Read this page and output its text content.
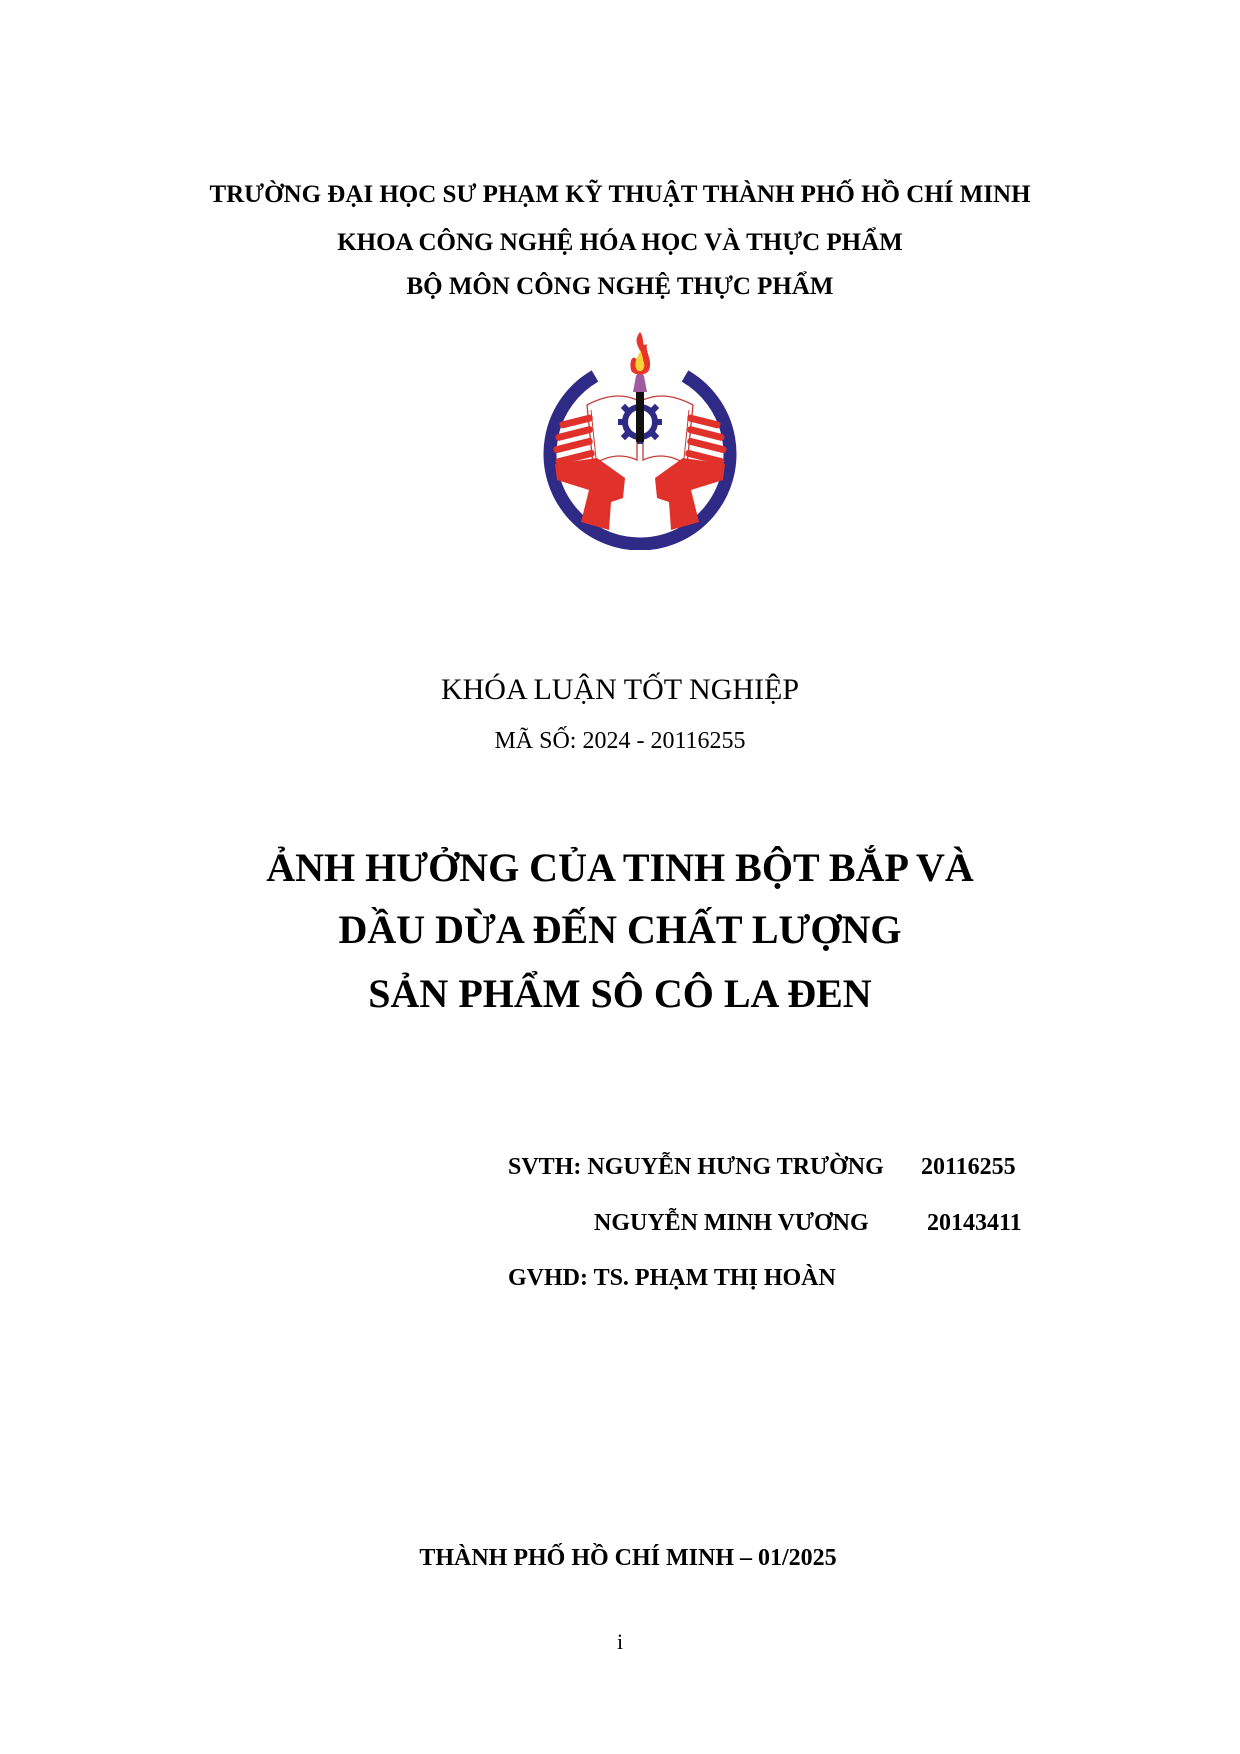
TRƯỜNG ĐẠI HỌC SƯ PHẠM KỸ THUẬT THÀNH PHỐ HỒ CHÍ MINH
KHOA CÔNG NGHỆ HÓA HỌC VÀ THỰC PHẨM
BỘ MÔN CÔNG NGHỆ THỰC PHẨM
KHÓA LUẬN TỐT NGHIỆP
MÃ SỐ: 2024 - 20116255
ẢNH HƯỞNG CỦA TINH BỘT BẮP VÀ
DẦU DỪA ĐẾN CHẤT LƯỢNG
SẢN PHẨM SÔ CÔ LA ĐEN
SVTH: NGUYỄN HƯNG TRƯỜNG 20116255
NGUYỄN MINH VƯƠNG 20143411
GVHD: TS. PHẠM THỊ HOÀN
THÀNH PHỐ HỒ CHÍ MINH – 01/2025
i
